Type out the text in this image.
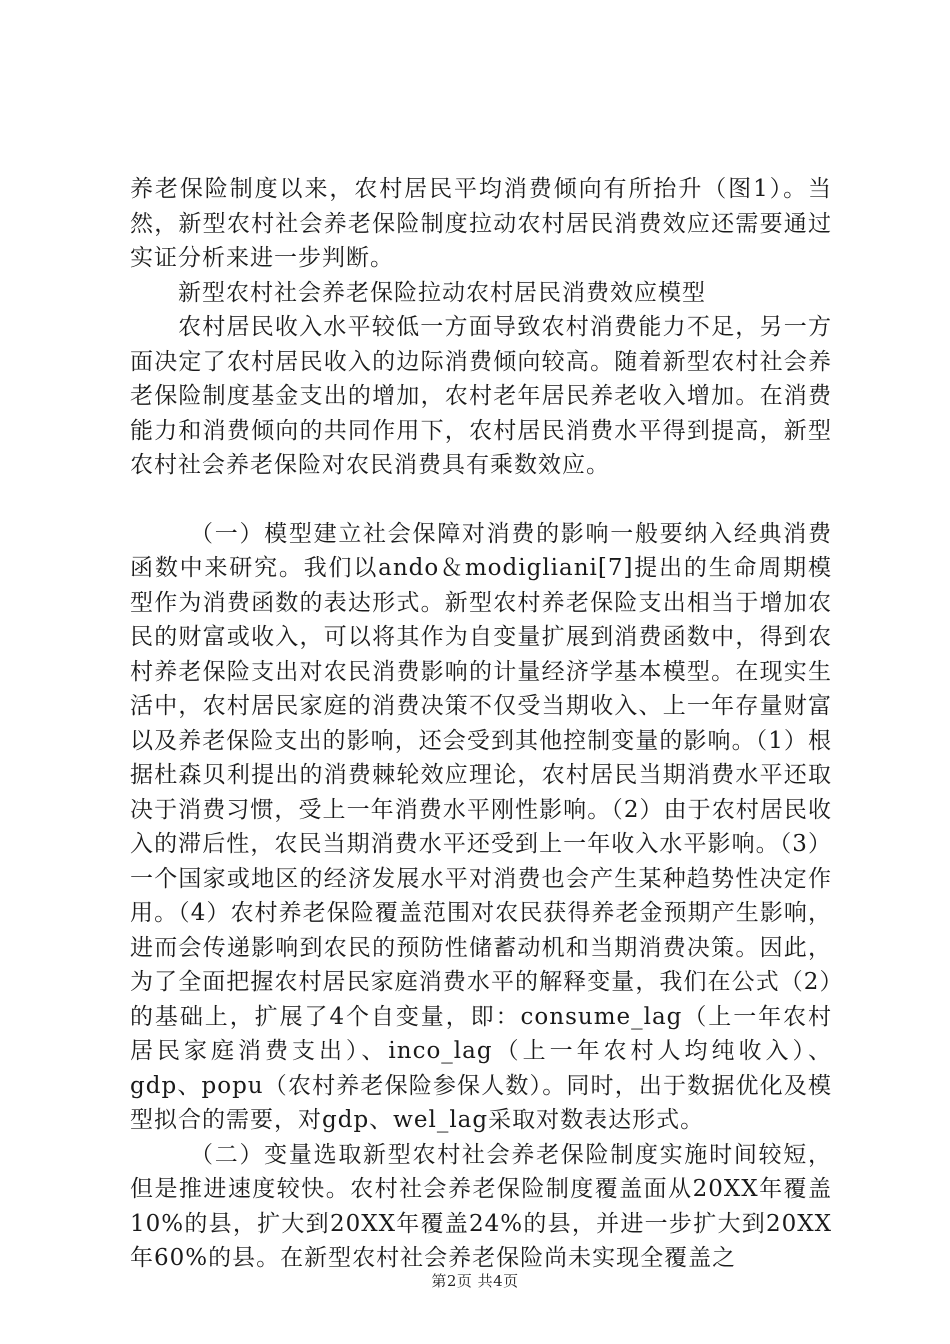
养老保险制度以来，农村居民平均消费倾向有所抬升（图1）。当然，新型农村社会养老保险制度拉动农村居民消费效应还需要通过实证分析来进一步判断。

新型农村社会养老保险拉动农村居民消费效应模型

农村居民收入水平较低一方面导致农村消费能力不足，另一方面决定了农村居民收入的边际消费倾向较高。随着新型农村社会养老保险制度基金支出的增加，农村老年居民养老收入增加。在消费能力和消费倾向的共同作用下，农村居民消费水平得到提高，新型农村社会养老保险对农民消费具有乘数效应。

（一）模型建立社会保障对消费的影响一般要纳入经典消费函数中来研究。我们以ando＆modigliani[7]提出的生命周期模型作为消费函数的表达形式。新型农村养老保险支出相当于增加农民的财富或收入，可以将其作为自变量扩展到消费函数中，得到农村养老保险支出对农民消费影响的计量经济学基本模型。在现实生活中，农村居民家庭的消费决策不仅受当期收入、上一年存量财富以及养老保险支出的影响，还会受到其他控制变量的影响。（1）根据杜森贝利提出的消费棘轮效应理论，农村居民当期消费水平还取决于消费习惯，受上一年消费水平刚性影响。（2）由于农村居民收入的滞后性，农民当期消费水平还受到上一年收入水平影响。（3）一个国家或地区的经济发展水平对消费也会产生某种趋势性决定作用。（4）农村养老保险覆盖范围对农民获得养老金预期产生影响，进而会传递影响到农民的预防性储蓄动机和当期消费决策。因此，为了全面把握农村居民家庭消费水平的解释变量，我们在公式（2）的基础上，扩展了4个自变量，即：consume_lag（上一年农村居民家庭消费支出）、inco_lag（上一年农村人均纯收入）、gdp、popu（农村养老保险参保人数）。同时，出于数据优化及模型拟合的需要，对gdp、wel_lag采取对数表达形式。

（二）变量选取新型农村社会养老保险制度实施时间较短，但是推进速度较快。农村社会养老保险制度覆盖面从20XX年覆盖10%的县，扩大到20XX年覆盖24%的县，并进一步扩大到20XX年60%的县。在新型农村社会养老保险尚未实现全覆盖之

第2页 共4页
